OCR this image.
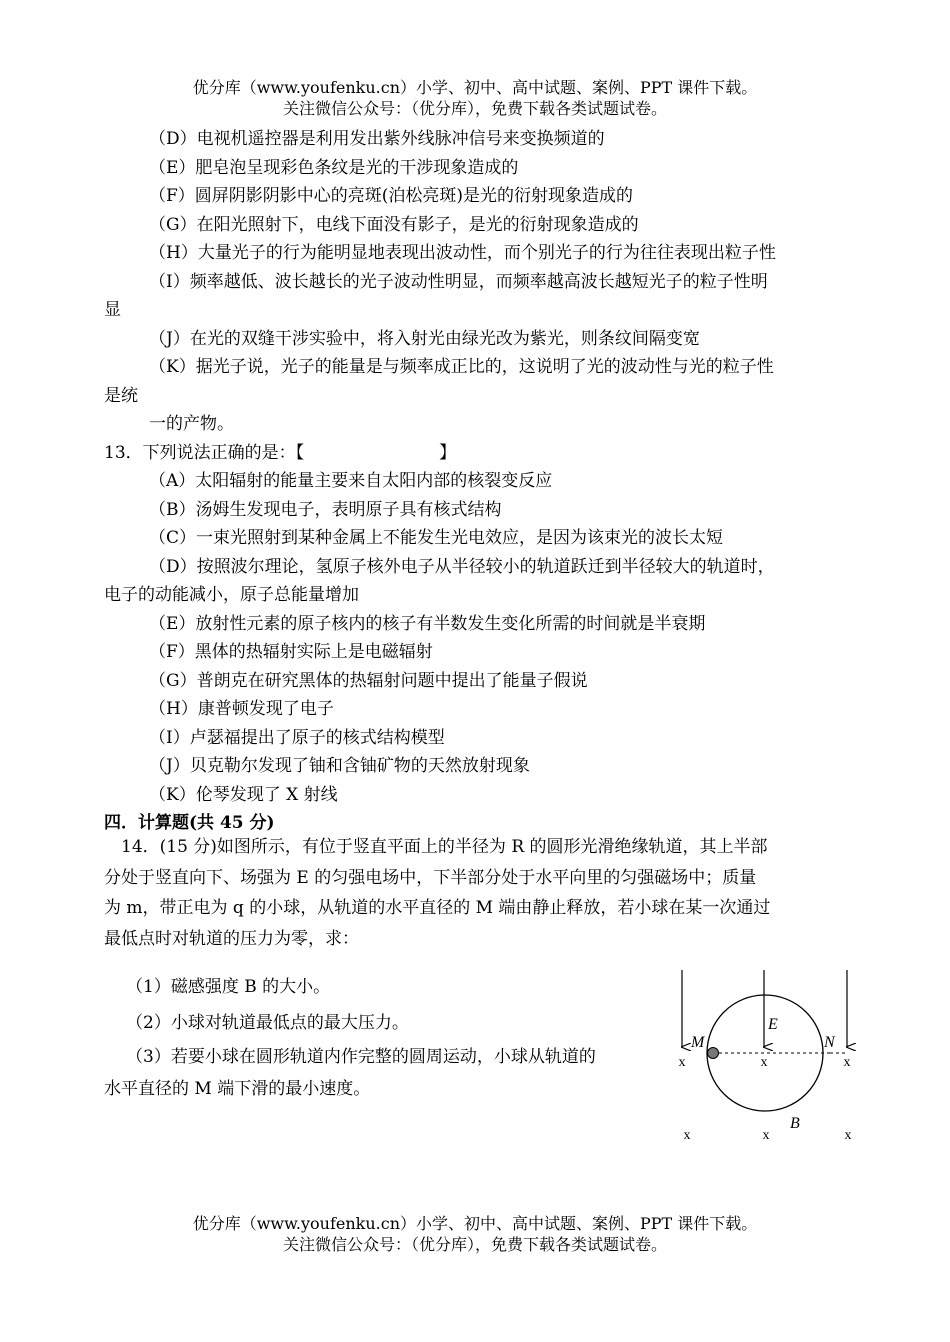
优分库（www.youfenku.cn）小学、初中、高中试题、案例、PPT 课件下载。
关注微信公众号：（优分库），免费下载各类试题试卷。
（D）电视机遥控器是利用发出紫外线脉冲信号来变换频道的
（E）肥皂泡呈现彩色条纹是光的干涉现象造成的
（F）圆屏阴影阴影中心的亮斑(泊松亮斑)是光的衍射现象造成的
（G）在阳光照射下，电线下面没有影子，是光的衍射现象造成的
（H）大量光子的行为能明显地表现出波动性，而个别光子的行为往往表现出粒子性
（I）频率越低、波长越长的光子波动性明显，而频率越高波长越短光子的粒子性明
显
（J）在光的双缝干涉实验中，将入射光由绿光改为紫光，则条纹间隔变宽
（K）据光子说，光子的能量是与频率成正比的，这说明了光的波动性与光的粒子性
是统
一的产物。
13．下列说法正确的是：【	】
（A）太阳辐射的能量主要来自太阳内部的核裂变反应
（B）汤姆生发现电子，表明原子具有核式结构
（C）一束光照射到某种金属上不能发生光电效应，是因为该束光的波长太短
（D）按照波尔理论，氢原子核外电子从半径较小的轨道跃迁到半径较大的轨道时，
电子的动能减小，原子总能量增加
（E）放射性元素的原子核内的核子有半数发生变化所需的时间就是半衰期
（F）黑体的热辐射实际上是电磁辐射
（G）普朗克在研究黑体的热辐射问题中提出了能量子假说
（H）康普顿发现了电子
（I）卢瑟福提出了原子的核式结构模型
（J）贝克勒尔发现了铀和含铀矿物的天然放射现象
（K）伦琴发现了 X 射线
四．计算题(共 45 分)
14．(15 分)如图所示，有位于竖直平面上的半径为 R 的圆形光滑绝缘轨道，其上半部
分处于竖直向下、场强为 E 的匀强电场中，下半部分处于水平向里的匀强磁场中；质量
为 m，带正电为 q 的小球，从轨道的水平直径的 M 端由静止释放，若小球在某一次通过
最低点时对轨道的压力为零，求：
（1）磁感强度 B 的大小。
（2）小球对轨道最低点的最大压力。
（3）若要小球在圆形轨道内作完整的圆周运动，小球从轨道的
水平直径的 M 端下滑的最小速度。
E
M	N
B
x	x	x
x	x	x
优分库（www.youfenku.cn）小学、初中、高中试题、案例、PPT 课件下载。
关注微信公众号：（优分库），免费下载各类试题试卷。
